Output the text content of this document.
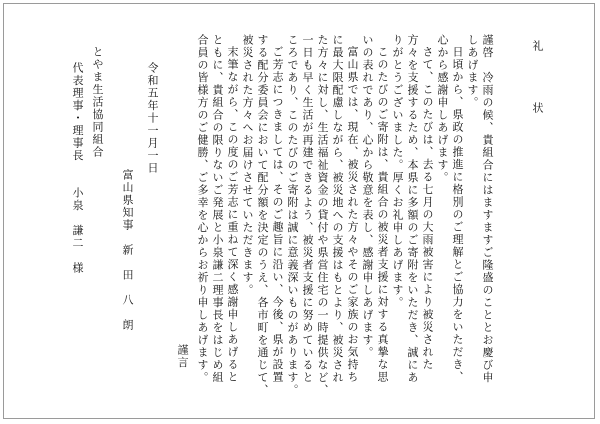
礼　状
謹啓　冷雨の候、貴組合にはますますご隆盛のこととお慶び申
しあげます。
日頃から、県政の推進に格別のご理解とご協力をいただき、
心から感謝申しあげます。
さて、このたびは、去る七月の大雨被害により被災された
方々を支援するため、本県に多額のご寄附をいただき、誠にあ
りがとうございました。厚くお礼申しあげます。
このたびのご寄附は、貴組合の被災者支援に対する真摯な思
いの表れであり、心から敬意を表し、感謝申しあげます。
富山県では、現在、被災された方々やそのご家族のお気持ち
に最大限配慮しながら、被災地への支援はもとより、被災され
た方々に対し、生活福祉資金の貸付や県営住宅の一時提供など、
一日も早く生活が再建できるよう、被災者支援に努めていると
ころであり、このたびのご寄附は誠に意義深いものがあります。
ご芳志につきましては、そのご趣旨に沿い、今後、県が設置
する配分委員会において配分額を決定のうえ、各市町を通じて、
被災された方々へお届けさせていただきます。
末筆ながら、この度のご芳志に重ねて深く感謝申しあげると
ともに、貴組合の限りないご発展と小泉謙二理事長をはじめ組
合員の皆様方のご健勝、ご多幸を心からお祈り申しあげます。
謹言
令和五年十一月一日
富山県知事　新　田　八　朗
とやま生活協同組合
代表理事・理事長　　小泉　謙二　様
